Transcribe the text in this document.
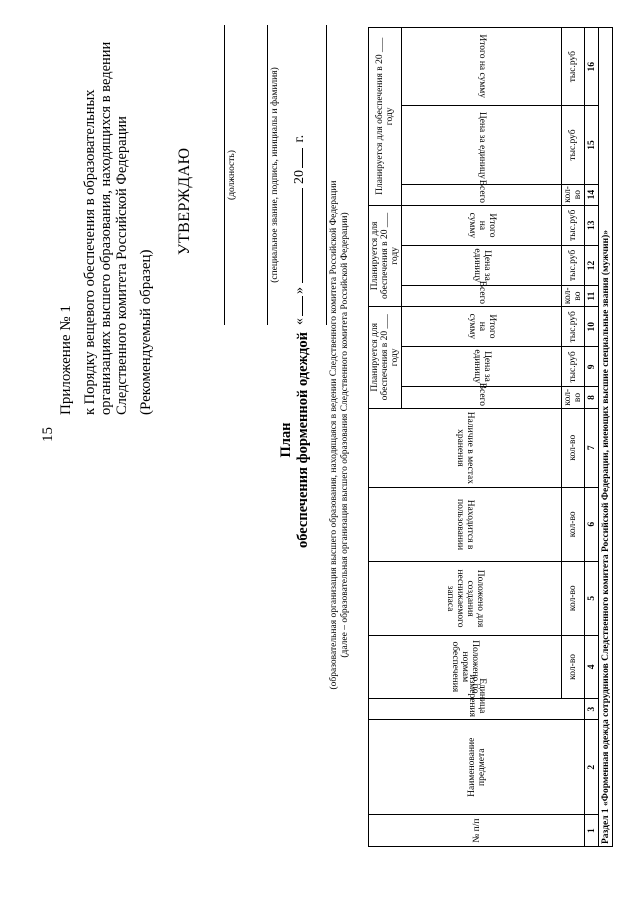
15
Приложение № 1 к Порядку вещевого обеспечения в образовательных организациях высшего образования, находящихся в ведении Следственного комитета Российской Федерации (Рекомендуемый образец)
УТВЕРЖДАЮ	(должность)	(специальное звание, подпись, инициалы и фамилия)
«»20 г.
План обеспечения форменной одеждой (образовательная организация высшего образования, находящаяся в ведении Следственного комитета Российской Федерации (далее – образовательная организация высшего образования Следственного комитета Российской Федерации)
№ п/п	Наименование предмета	Единица измерения	Положено по нормам обеспечения	Положено для создания неснижаемого запаса	Находится в пользовании	Наличие в местах хранения	Планируется для обеспечения в 20 ___ году			Планируется для обеспечения в 20 ___ году			Планируется для обеспечения в 20 ___ году		
							Всего	Цена за единицу	Итого на сумму	Всего	Цена за единицу	Итого на сумму	Всего	Цена за единицу	Итого на сумму
			кол-во	кол-во	кол-во	кол-во	кол-во	тыс.руб	тыс.руб	кол-во	тыс.руб	тыс.руб	кол-во	тыс.руб	тыс.руб
1	2	3	4	5	6	7	8	9	10	11	12	13	14	15	16
Раздел 1 «Форменная одежда сотрудников Следственного комитета Российской Федерации, имеющих высшие специальные звания (мужчин)»															
